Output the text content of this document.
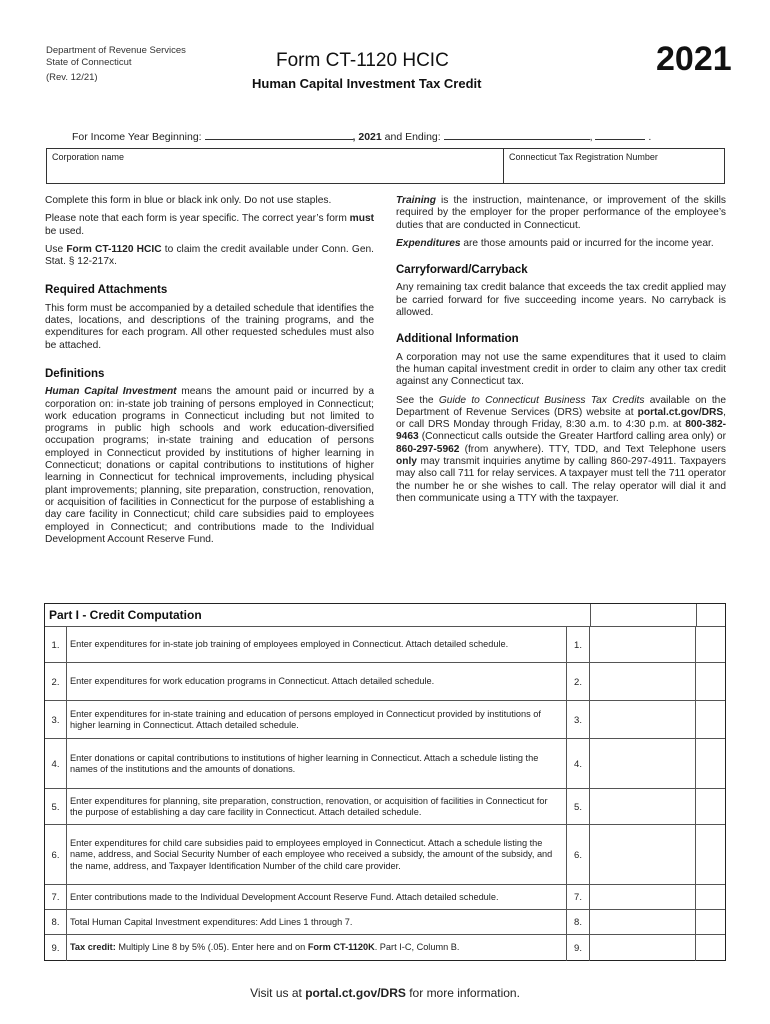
Department of Revenue Services
State of Connecticut
(Rev. 12/21)
Form CT-1120 HCIC
Human Capital Investment Tax Credit
2021
For Income Year Beginning:	, 2021 and Ending:	,	.
Corporation name	Connecticut Tax Registration Number

Complete this form in blue or black ink only. Do not use staples.

Please note that each form is year specific. The correct year’s form must be used.

Use Form CT-1120 HCIC to claim the credit available under Conn. Gen. Stat. § 12-217x.

Required Attachments

This form must be accompanied by a detailed schedule that identifies the dates, locations, and descriptions of the training programs, and the expenditures for each program. All other requested schedules must also be attached.

Definitions

Human Capital Investment means the amount paid or incurred by a corporation on: in-state job training of persons employed in Connecticut; work education programs in Connecticut including but not limited to programs in public high schools and work education-diversified occupation programs; in-state training and education of persons employed in Connecticut provided by institutions of higher learning in Connecticut; donations or capital contributions to institutions of higher learning in Connecticut for technical improvements, including physical plant improvements; planning, site preparation, construction, renovation, or acquisition of facilities in Connecticut for the purpose of establishing a day care facility in Connecticut; child care subsidies paid to employees employed in Connecticut; and contributions made to the Individual Development Account Reserve Fund.

Training is the instruction, maintenance, or improvement of the skills required by the employer for the proper performance of the employee’s duties that are conducted in Connecticut.

Expenditures are those amounts paid or incurred for the income year.

Carryforward/Carryback

Any remaining tax credit balance that exceeds the tax credit applied may be carried forward for five succeeding income years. No carryback is allowed.

Additional Information

A corporation may not use the same expenditures that it used to claim the human capital investment credit in order to claim any other tax credit against any Connecticut tax.

See the Guide to Connecticut Business Tax Credits available on the Department of Revenue Services (DRS) website at portal.ct.gov/DRS, or call DRS Monday through Friday, 8:30 a.m. to 4:30 p.m. at 800-382-9463 (Connecticut calls outside the Greater Hartford calling area only) or 860-297-5962 (from anywhere). TTY, TDD, and Text Telephone users only may transmit inquiries anytime by calling 860-297-4911. Taxpayers may also call 711 for relay services. A taxpayer must tell the 711 operator the number he or she wishes to call. The relay operator will dial it and then communicate using a TTY with the taxpayer.

Part I - Credit Computation
1.	Enter expenditures for in-state job training of employees employed in Connecticut. Attach detailed schedule.	1.
2.	Enter expenditures for work education programs in Connecticut. Attach detailed schedule.	2.
3.
Enter expenditures for in-state training and education of persons employed in Connecticut provided by institutions of higher learning in Connecticut. Attach detailed schedule.	3.
4.
Enter donations or capital contributions to institutions of higher learning in Connecticut. Attach a schedule listing the names of the institutions and the amounts of donations.	4.
5.
Enter expenditures for planning, site preparation, construction, renovation, or acquisition of facilities in Connecticut for the purpose of establishing a day care facility in Connecticut. Attach detailed schedule.	5.
6.
Enter expenditures for child care subsidies paid to employees employed in Connecticut. Attach a schedule listing the name, address, and Social Security Number of each employee who received a subsidy, the amount of the subsidy, and the name, address, and Taxpayer Identification Number of the child care provider.
6.
7.	Enter contributions made to the Individual Development Account Reserve Fund. Attach detailed schedule.	7.
8.	Total Human Capital Investment expenditures: Add Lines 1 through 7.	8.
9.	Tax credit: Multiply Line 8 by 5% (.05). Enter here and on Form CT-1120K. Part I-C, Column B.	9.
Visit us at portal.ct.gov/DRS for more information.
